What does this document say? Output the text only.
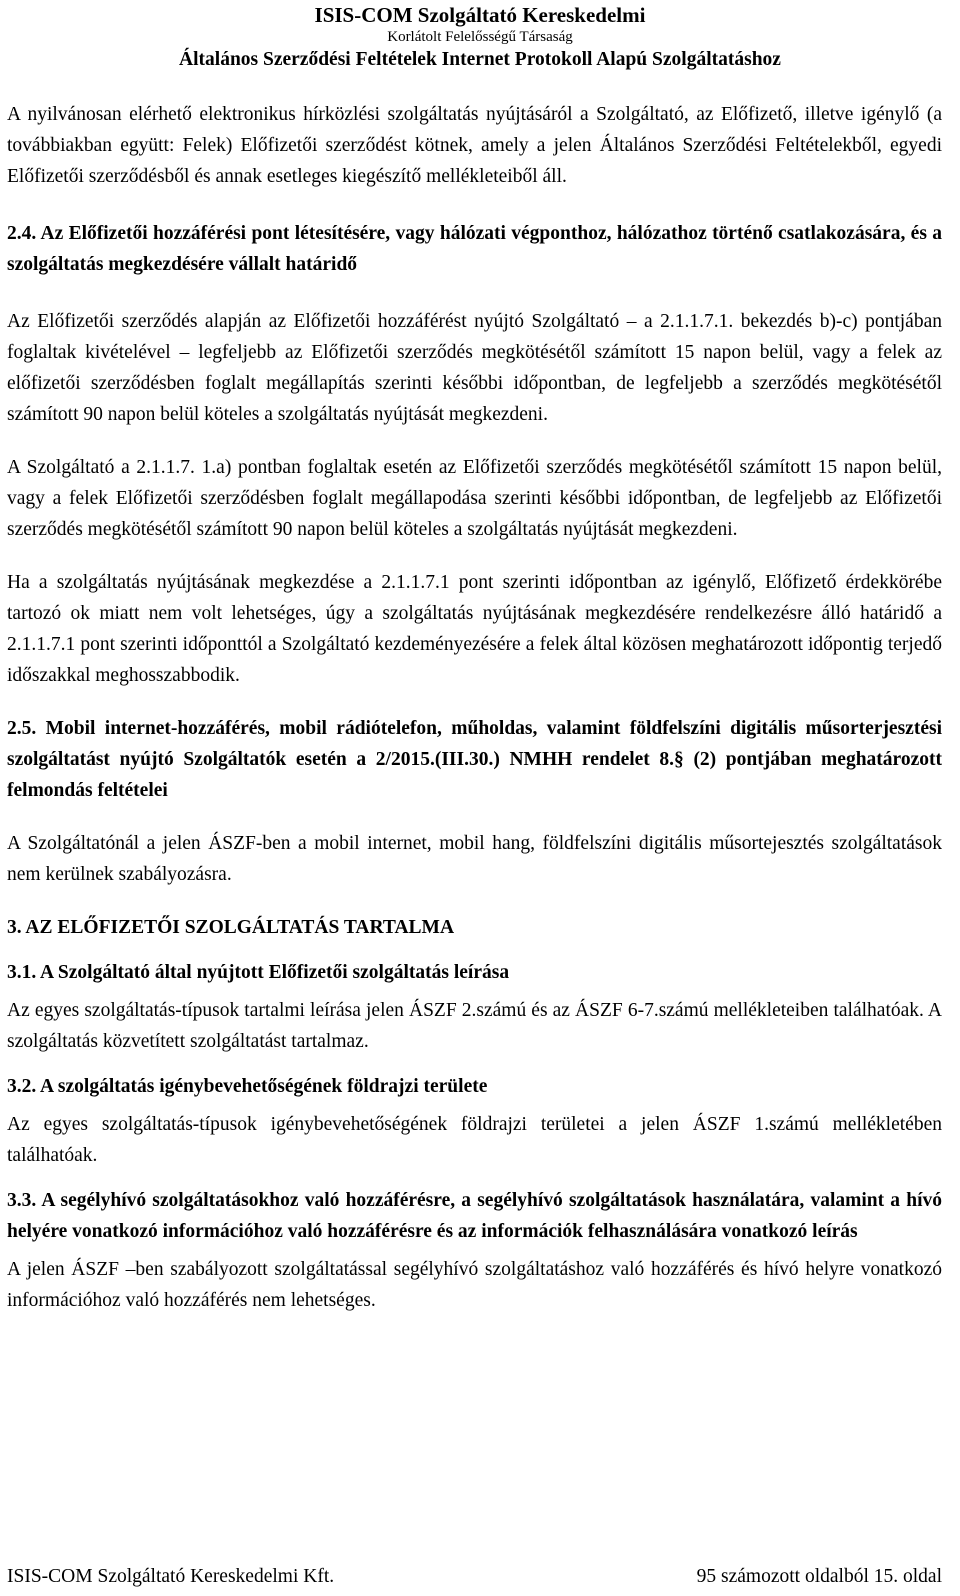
ISIS-COM Szolgáltató Kereskedelmi
Korlátolt Felelősségű Társaság
Általános Szerződési Feltételek Internet Protokoll Alapú Szolgáltatáshoz

A nyilvánosan elérhető elektronikus hírközlési szolgáltatás nyújtásáról a Szolgáltató, az Előfizető, illetve igénylő (a továbbiakban együtt: Felek) Előfizetői szerződést kötnek, amely a jelen Általános Szerződési Feltételekből, egyedi Előfizetői szerződésből és annak esetleges kiegészítő mellékleteiből áll.

2.4. Az Előfizetői hozzáférési pont létesítésére, vagy hálózati végponthoz, hálózathoz történő csatlakozására, és a szolgáltatás megkezdésére vállalt határidő

Az Előfizetői szerződés alapján az Előfizetői hozzáférést nyújtó Szolgáltató – a 2.1.1.7.1. bekezdés b)-c) pontjában foglaltak kivételével – legfeljebb az Előfizetői szerződés megkötésétől számított 15 napon belül, vagy a felek az előfizetői szerződésben foglalt megállapítás szerinti későbbi időpontban, de legfeljebb a szerződés megkötésétől számított 90 napon belül köteles a szolgáltatás nyújtását megkezdeni.

A Szolgáltató a 2.1.1.7. 1.a) pontban foglaltak esetén az Előfizetői szerződés megkötésétől számított 15 napon belül, vagy a felek Előfizetői szerződésben foglalt megállapodása szerinti későbbi időpontban, de legfeljebb az Előfizetői szerződés megkötésétől számított 90 napon belül köteles a szolgáltatás nyújtását megkezdeni.

Ha a szolgáltatás nyújtásának megkezdése a 2.1.1.7.1 pont szerinti időpontban az igénylő, Előfizető érdekkörébe tartozó ok miatt nem volt lehetséges, úgy a szolgáltatás nyújtásának megkezdésére rendelkezésre álló határidő a 2.1.1.7.1 pont szerinti időponttól a Szolgáltató kezdeményezésére a felek által közösen meghatározott időpontig terjedő időszakkal meghosszabbodik.

2.5. Mobil internet-hozzáférés, mobil rádiótelefon, műholdas, valamint földfelszíni digitális műsorterjesztési szolgáltatást nyújtó Szolgáltatók esetén a 2/2015.(III.30.) NMHH rendelet 8.§ (2) pontjában meghatározott felmondás feltételei

A Szolgáltatónál a jelen ÁSZF-ben a mobil internet, mobil hang, földfelszíni digitális műsortejesztés szolgáltatások nem kerülnek szabályozásra.

3. AZ ELŐFIZETŐI SZOLGÁLTATÁS TARTALMA

3.1. A Szolgáltató által nyújtott Előfizetői szolgáltatás leírása

Az egyes szolgáltatás-típusok tartalmi leírása jelen ÁSZF 2.számú és az ÁSZF 6-7.számú mellékleteiben találhatóak. A szolgáltatás közvetített szolgáltatást tartalmaz.

3.2. A szolgáltatás igénybevehetőségének földrajzi területe

Az egyes szolgáltatás-típusok igénybevehetőségének földrajzi területei a jelen ÁSZF 1.számú mellékletében találhatóak.

3.3. A segélyhívó szolgáltatásokhoz való hozzáférésre, a segélyhívó szolgáltatások használatára, valamint a hívó helyére vonatkozó információhoz való hozzáférésre és az információk felhasználására vonatkozó leírás

A jelen ÁSZF –ben szabályozott szolgáltatással segélyhívó szolgáltatáshoz való hozzáférés és hívó helyre vonatkozó információhoz való hozzáférés nem lehetséges.

ISIS-COM Szolgáltató Kereskedelmi Kft.	95 számozott oldalból 15. oldal
